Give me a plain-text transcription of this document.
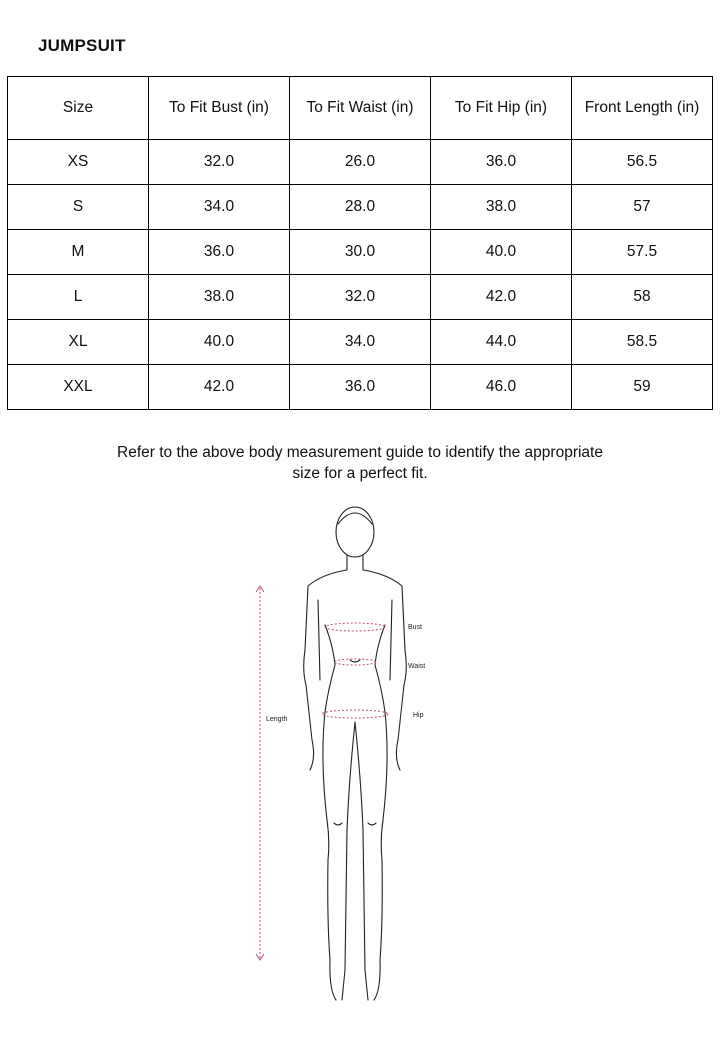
JUMPSUIT
Size	To Fit Bust (in)	To Fit Waist (in)	To Fit Hip (in)	Front Length (in)
XS	32.0	26.0	36.0	56.5
S	34.0	28.0	38.0	57
M	36.0	30.0	40.0	57.5
L	38.0	32.0	42.0	58
XL	40.0	34.0	44.0	58.5
XXL	42.0	36.0	46.0	59
Refer to the above body measurement guide to identify the appropriate
size for a perfect fit.
Bust
Waist
Hip
Length
